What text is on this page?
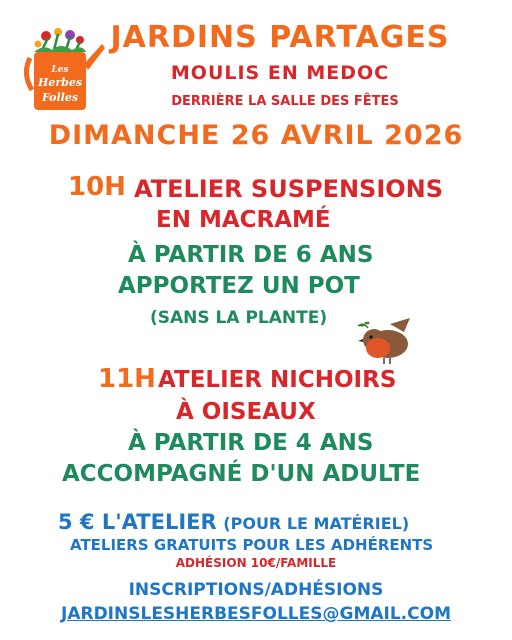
Les
Herbes
Folles
JARDINS PARTAGES
MOULIS EN MEDOC
DERRIÈRE LA SALLE DES FÊTES
DIMANCHE 26 AVRIL 2026
10H ATELIER SUSPENSIONS
EN MACRAMÉ
À PARTIR DE 6 ANS
APPORTEZ UN POT
(SANS LA PLANTE)
11H ATELIER NICHOIRS
À OISEAUX
À PARTIR DE 4 ANS
ACCOMPAGNÉ D'UN ADULTE
5 € L'ATELIER (POUR LE MATÉRIEL)
ATELIERS GRATUITS POUR LES ADHÉRENTS
ADHÉSION 10€/FAMILLE
INSCRIPTIONS/ADHÉSIONS
JARDINSLESHERBESFOLLES@GMAIL.COM
